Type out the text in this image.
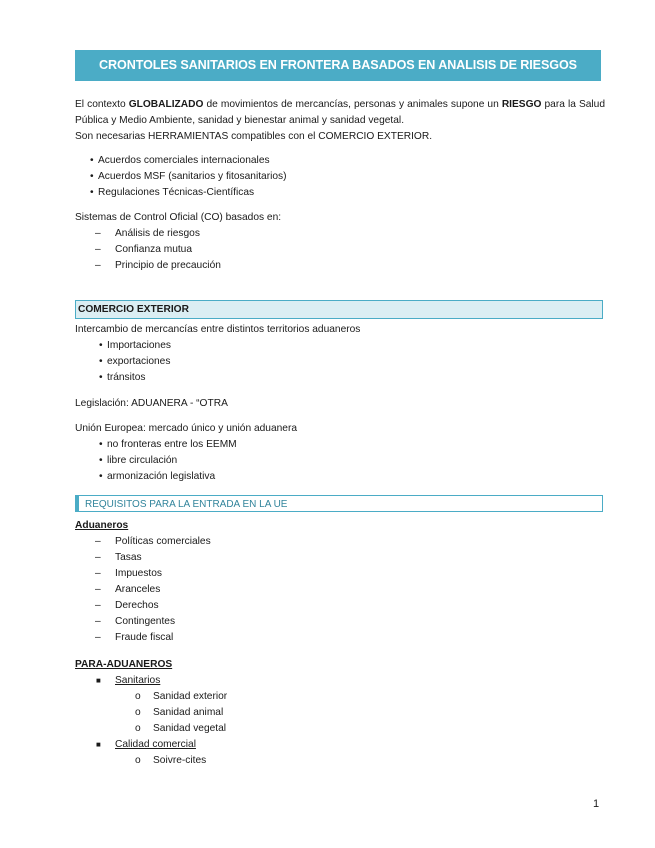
CRONTOLES SANITARIOS EN FRONTERA BASADOS EN ANALISIS DE RIESGOS

El contexto GLOBALIZADO de movimientos de mercancías, personas y animales supone un RIESGO para la Salud Pública y Medio Ambiente, sanidad y bienestar animal y sanidad vegetal.

Son necesarias HERRAMIENTAS compatibles con el COMERCIO EXTERIOR.

• Acuerdos comerciales internacionales
• Acuerdos MSF (sanitarios y fitosanitarios)
• Regulaciones Técnicas-Científicas

Sistemas de Control Oficial (CO) basados en:

– Análisis de riesgos
– Confianza mutua
– Principio de precaución
COMERCIO EXTERIOR

Intercambio de mercancías entre distintos territorios aduaneros

• Importaciones
• exportaciones
• tránsitos

Legislación: ADUANERA - “OTRA

Unión Europea: mercado único y unión aduanera

• no fronteras entre los EEMM
• libre circulación
• armonización legislativa
REQUISITOS PARA LA ENTRADA EN LA UE

Aduaneros

– Políticas comerciales
– Tasas
– Impuestos
– Aranceles
– Derechos
– Contingentes
– Fraude fiscal

PARA-ADUANEROS

■ Sanitarios
o Sanidad exterior
o Sanidad animal
o Sanidad vegetal
■ Calidad comercial
o Soivre-cites
1
